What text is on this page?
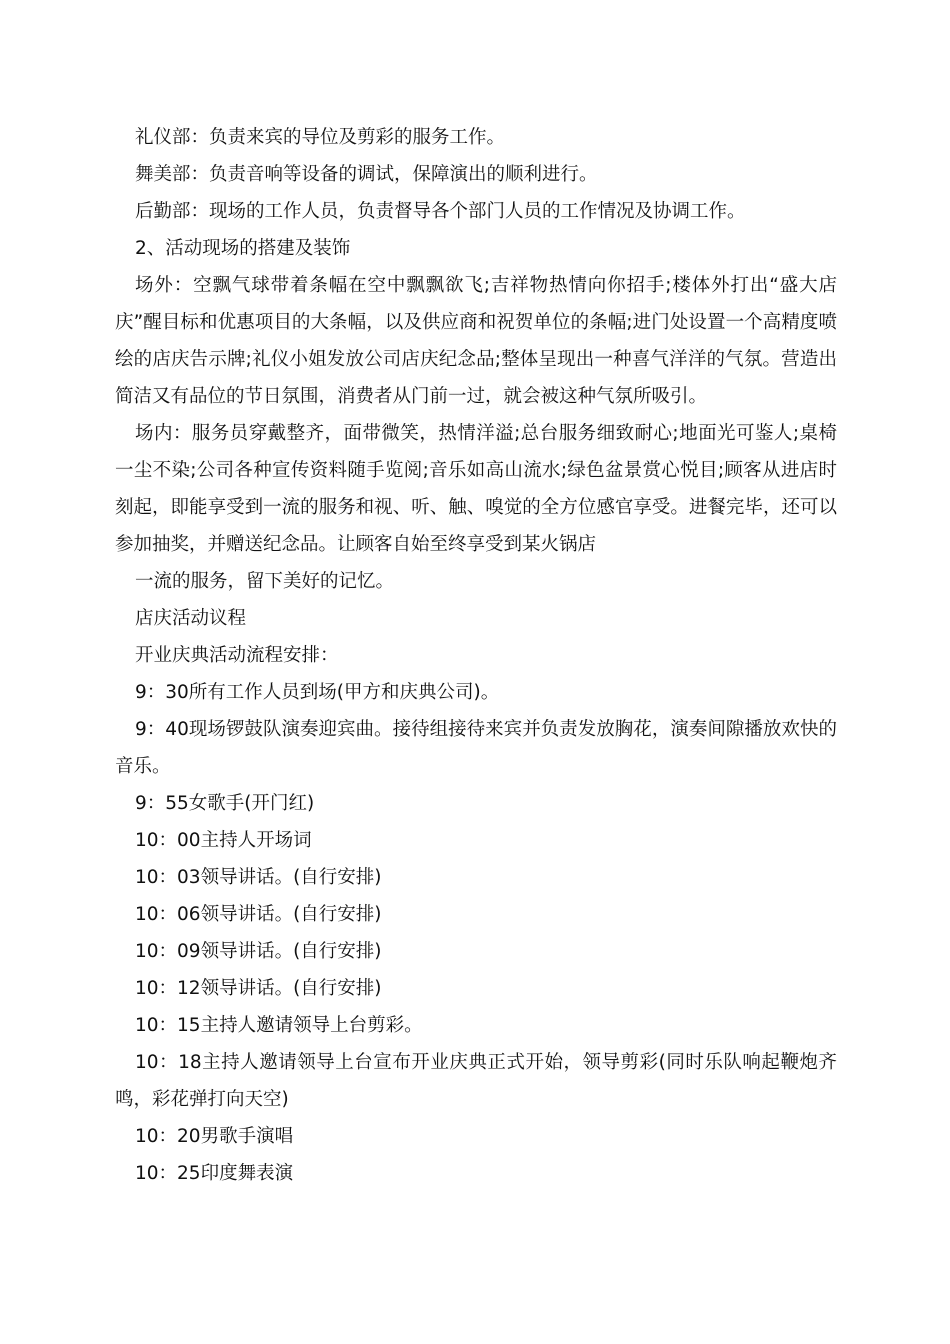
礼仪部：负责来宾的导位及剪彩的服务工作。

舞美部：负责音响等设备的调试，保障演出的顺利进行。

后勤部：现场的工作人员，负责督导各个部门人员的工作情况及协调工作。

2、活动现场的搭建及装饰

场外：空飘气球带着条幅在空中飘飘欲飞;吉祥物热情向你招手;楼体外打出“盛大店庆”醒目标和优惠项目的大条幅，以及供应商和祝贺单位的条幅;进门处设置一个高精度喷绘的店庆告示牌;礼仪小姐发放公司店庆纪念品;整体呈现出一种喜气洋洋的气氛。营造出简洁又有品位的节日氛围，消费者从门前一过，就会被这种气氛所吸引。

场内：服务员穿戴整齐，面带微笑，热情洋溢;总台服务细致耐心;地面光可鉴人;桌椅一尘不染;公司各种宣传资料随手览阅;音乐如高山流水;绿色盆景赏心悦目;顾客从进店时刻起，即能享受到一流的服务和视、听、触、嗅觉的全方位感官享受。进餐完毕，还可以参加抽奖，并赠送纪念品。让顾客自始至终享受到某火锅店

一流的服务，留下美好的记忆。

店庆活动议程

开业庆典活动流程安排：

9：30所有工作人员到场(甲方和庆典公司)。

9：40现场锣鼓队演奏迎宾曲。接待组接待来宾并负责发放胸花，演奏间隙播放欢快的音乐。

9：55女歌手(开门红)

10：00主持人开场词

10：03领导讲话。(自行安排)

10：06领导讲话。(自行安排)

10：09领导讲话。(自行安排)

10：12领导讲话。(自行安排)

10：15主持人邀请领导上台剪彩。

10：18主持人邀请领导上台宣布开业庆典正式开始，领导剪彩(同时乐队响起鞭炮齐鸣，彩花弹打向天空)

10：20男歌手演唱

10：25印度舞表演
